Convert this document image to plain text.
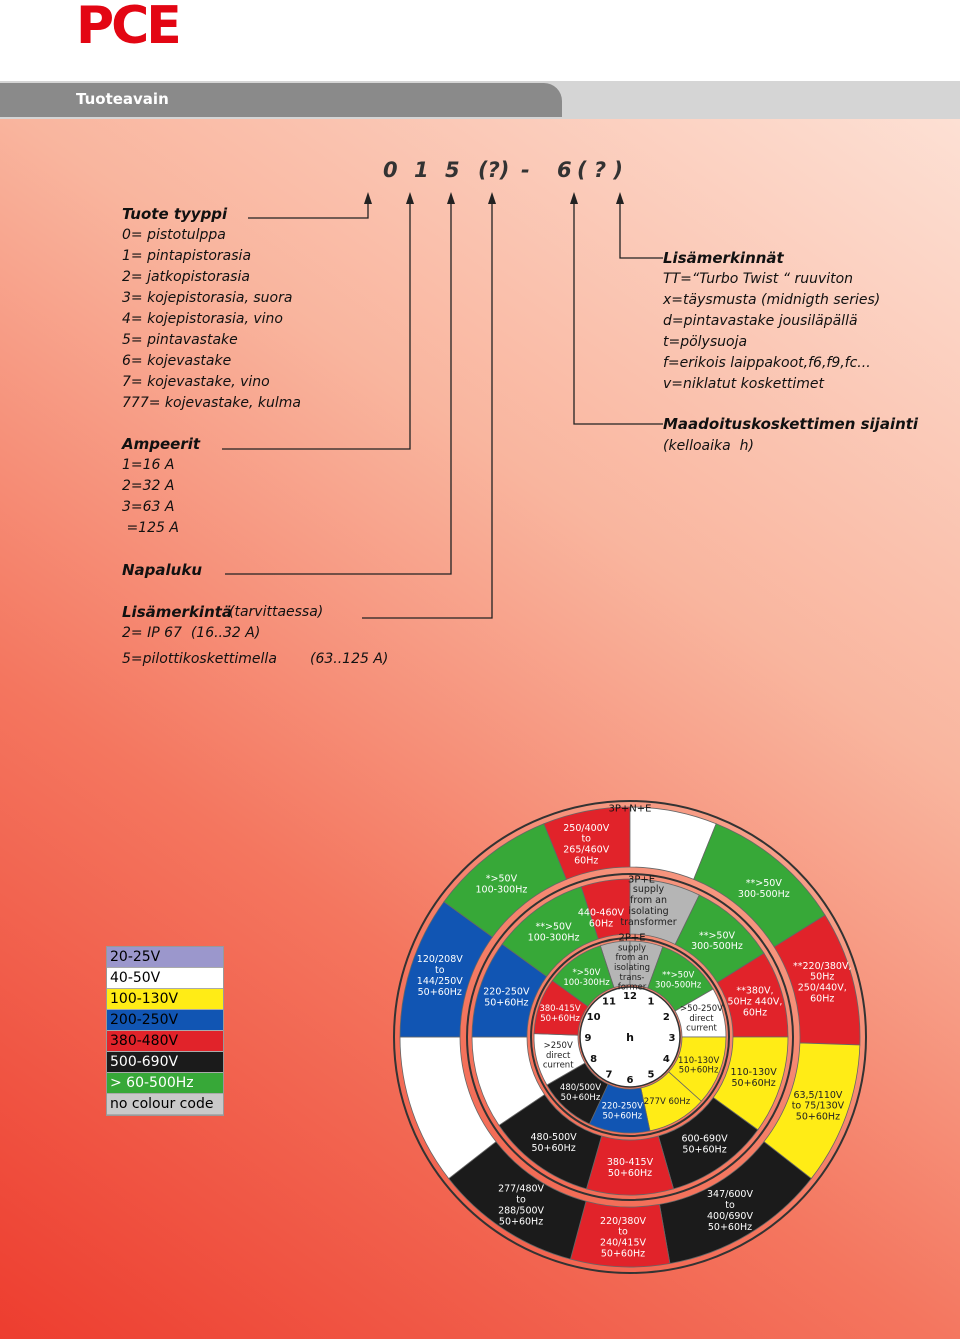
PCE
Tuoteavain
0 1 5 (?) - 6 ( ? )
Tuote tyyppi
0= pistotulppa
1= pintapistorasia
2= jatkopistorasia
3= kojepistorasia, suora
4= kojepistorasia, vino
5= pintavastake
6= kojevastake
7= kojevastake, vino
777= kojevastake, kulma
Ampeerit
1=16 A
2=32 A
3=63 A
=125 A
Napaluku
Lisämerkintä
(tarvittaessa)
2= IP 67  (16..32 A)
5=pilottikoskettimella (63..125 A)
Lisämerkinnät
TT=“Turbo Twist “ ruuviton
x=täysmusta (midnigth series)
d=pintavastake jousiläpällä
t=pölysuoja
f=erikois laippakoot,f6,f9,fc...
v=niklatut koskettimet
Maadoituskoskettimen sijainti
(kelloaika  h)
20-25V
40-50V
100-130V
200-250V
380-480V
500-690V
> 60-500Hz
no colour code
250/400V to 265/460V 60Hz
**>50V 300-500Hz
**220/380V, 50Hz 250/440V, 60Hz
63,5/110V to 75/130V 50+60Hz
347/600V to 400/690V 50+60Hz
220/380V to 240/415V 50+60Hz
277/480V to 288/500V 50+60Hz
120/208V to 144/250V 50+60Hz
*>50V 100-300Hz	supply from an isolating transformer
**>50V 300-500Hz
**380V, 50Hz 440V, 60Hz
110-130V 50+60Hz
600-690V 50+60Hz
380-415V 50+60Hz
480-500V 50+60Hz
220-250V 50+60Hz
**>50V 100-300Hz
440-460V 60Hz
supply from an isolating trans-former
**>50V 300-500Hz
>50-250V direct current
110-130V 50+60Hz
277V 60Hz
220-250V 50+60Hz
480/500V 50+60Hz
>250V direct current
380-415V 50+60Hz
*>50V 100-300Hz
3P+N+E
3P+E
2P+E
12
1
2
3
4
5
6
7
8
9
10
11
h
